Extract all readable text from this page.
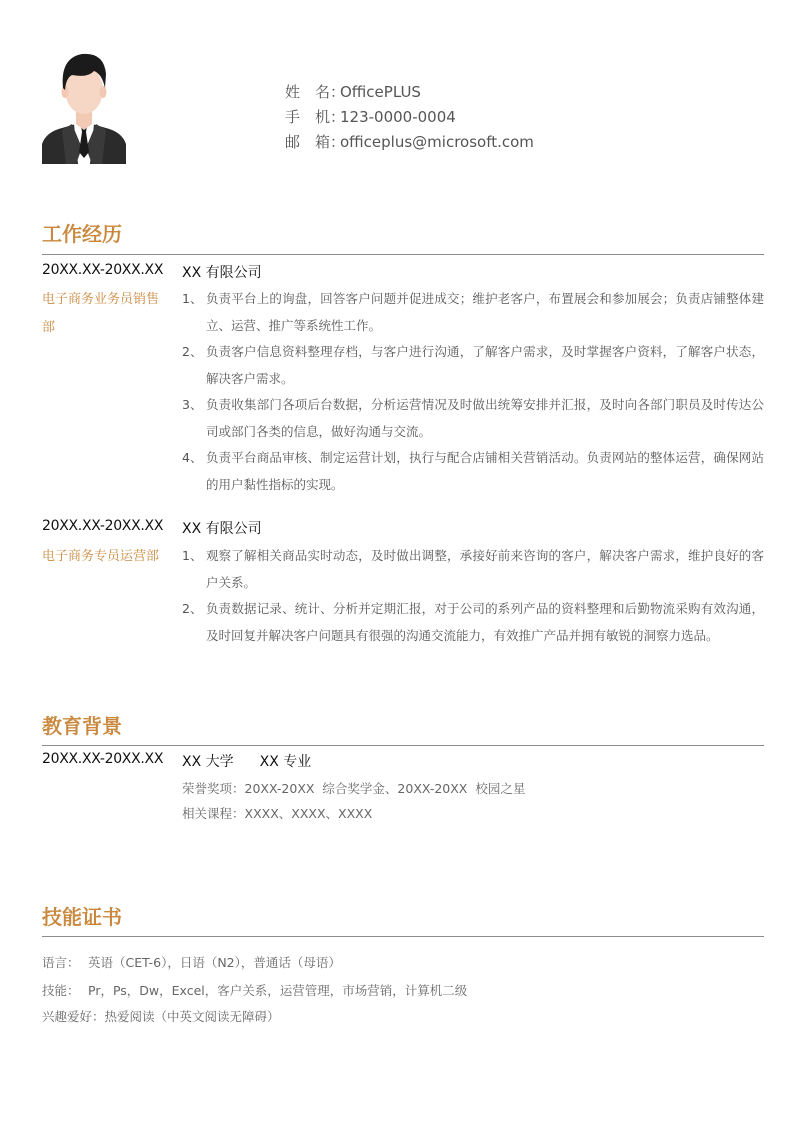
姓　名：OfficePLUS
手　机：123-0000-0004
邮　箱：officeplus@microsoft.com
工作经历
20XX.XX-20XX.XX XX 有限公司
电子商务业务员销售部
1、 负责平台上的询盘，回答客户问题并促进成交；维护老客户，布置展会和参加展会；负责店铺整体建立、运营、推广等系统性工作。
2、 负责客户信息资料整理存档，与客户进行沟通，了解客户需求，及时掌握客户资料，了解客户状态，解决客户需求。
3、 负责收集部门各项后台数据，分析运营情况及时做出统筹安排并汇报，及时向各部门职员及时传达公司或部门各类的信息，做好沟通与交流。
4、 负责平台商品审核、制定运营计划，执行与配合店铺相关营销活动。负责网站的整体运营，确保网站的用户黏性指标的实现。
20XX.XX-20XX.XX XX 有限公司
电子商务专员运营部	1、 观察了解相关商品实时动态，及时做出调整，承接好前来咨询的客户，解决客户需求，维护良好的客户关系。
2、 负责数据记录、统计、分析并定期汇报，对于公司的系列产品的资料整理和后勤物流采购有效沟通，及时回复并解决客户问题具有很强的沟通交流能力，有效推广产品并拥有敏锐的洞察力选品。
教育背景
20XX.XX-20XX.XX XX 大学 XX 专业
荣誉奖项：20XX-20XX  综合奖学金、20XX-20XX  校园之星
相关课程：XXXX、XXXX、XXXX
技能证书
语言： 英语（CET-6），日语（N2），普通话（母语）
技能： Pr，Ps，Dw，Excel，客户关系，运营管理，市场营销，计算机二级
兴趣爱好：热爱阅读（中英文阅读无障碍）
